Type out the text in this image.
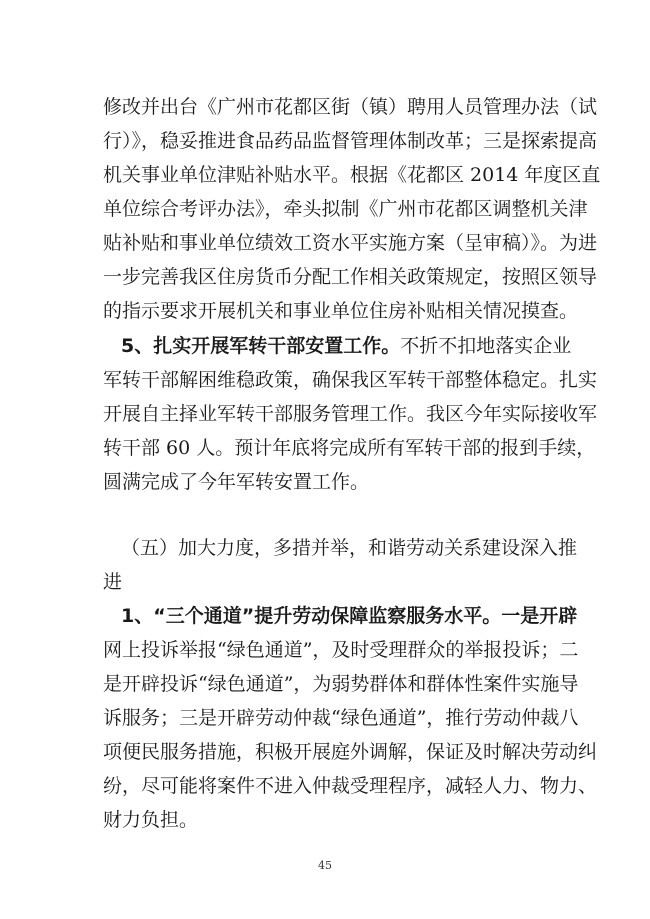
修改并出台《广州市花都区街（镇）聘用人员管理办法（试
行）》，稳妥推进食品药品监督管理体制改革；三是探索提高
机关事业单位津贴补贴水平。根据《花都区 2014 年度区直
单位综合考评办法》，牵头拟制《广州市花都区调整机关津
贴补贴和事业单位绩效工资水平实施方案（呈审稿）》。为进
一步完善我区住房货币分配工作相关政策规定，按照区领导
的指示要求开展机关和事业单位住房补贴相关情况摸查。
5、扎实开展军转干部安置工作。不折不扣地落实企业
军转干部解困维稳政策，确保我区军转干部整体稳定。扎实
开展自主择业军转干部服务管理工作。我区今年实际接收军
转干部 60 人。预计年底将完成所有军转干部的报到手续，
圆满完成了今年军转安置工作。
（五）加大力度，多措并举，和谐劳动关系建设深入推
进
1、“三个通道”提升劳动保障监察服务水平。一是开辟
网上投诉举报“绿色通道”，及时受理群众的举报投诉；二
是开辟投诉“绿色通道”，为弱势群体和群体性案件实施导
诉服务；三是开辟劳动仲裁“绿色通道”，推行劳动仲裁八
项便民服务措施，积极开展庭外调解，保证及时解决劳动纠
纷，尽可能将案件不进入仲裁受理程序，减轻人力、物力、
财力负担。
45
